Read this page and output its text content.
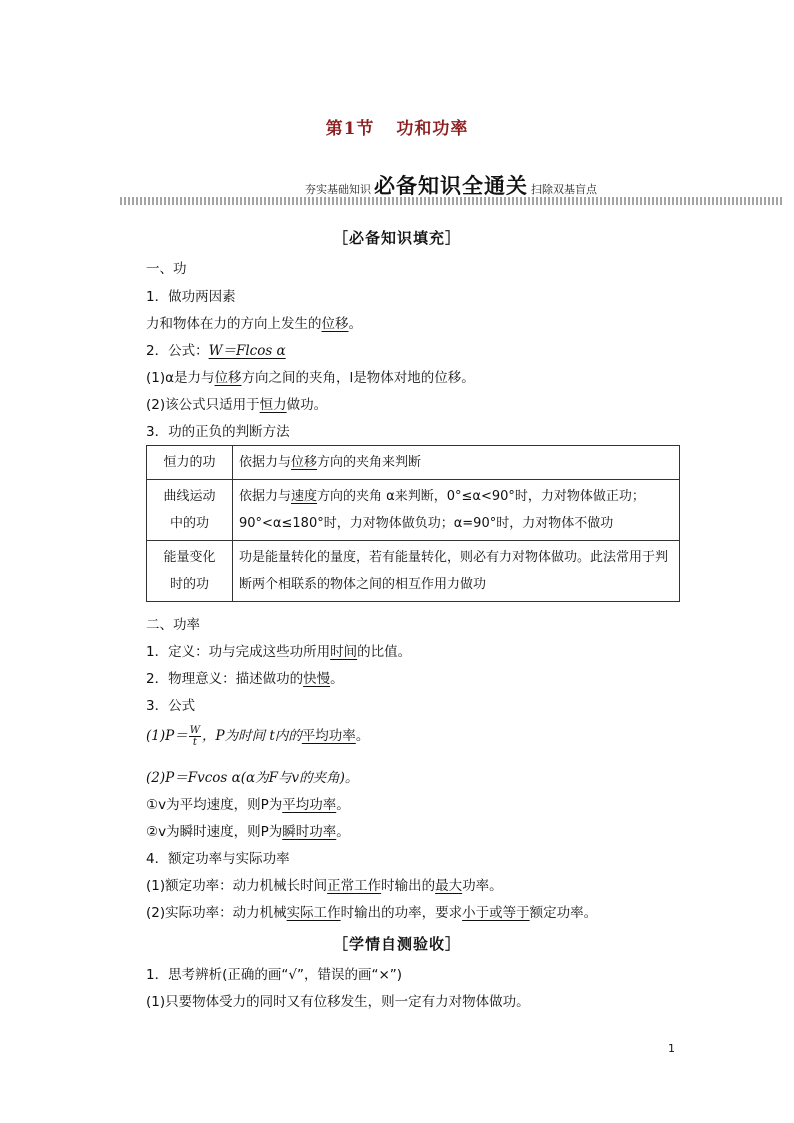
第1节 功和功率
夯实基础知识 必备知识全通关 扫除双基盲点
［必备知识填充］
一、功
1．做功两因素
力和物体在力的方向上发生的位移。
2．公式：W＝Flcos α
(1)α是力与位移方向之间的夹角，l是物体对地的位移。
(2)该公式只适用于恒力做功。
3．功的正负的判断方法
恒力的功	依据力与位移方向的夹角来判断
曲线运动
中的功	依据力与速度方向的夹角 α来判断，0°≤α<90°时，力对物体做正功；90°<α≤180°时，力对物体做负功；α=90°时，力对物体不做功
能量变化
时的功	功是能量转化的量度，若有能量转化，则必有力对物体做功。此法常用于判断两个相联系的物体之间的相互作用力做功
二、功率
1．定义：功与完成这些功所用时间的比值。
2．物理意义：描述做功的快慢。
3．公式
$(1)P= \frac{W}{t}$ ，P为时间 t内的平均功率。
(2)P＝Fvcos α(α为F与v的夹角)。
①v为平均速度，则P为平均功率。
②v为瞬时速度，则P为瞬时功率。
4．额定功率与实际功率
(1)额定功率：动力机械长时间正常工作时输出的最大功率。
(2)实际功率：动力机械实际工作时输出的功率，要求小于或等于额定功率。
［学情自测验收］
1．思考辨析(正确的画“√”，错误的画“×”)
(1)只要物体受力的同时又有位移发生，则一定有力对物体做功。
1
